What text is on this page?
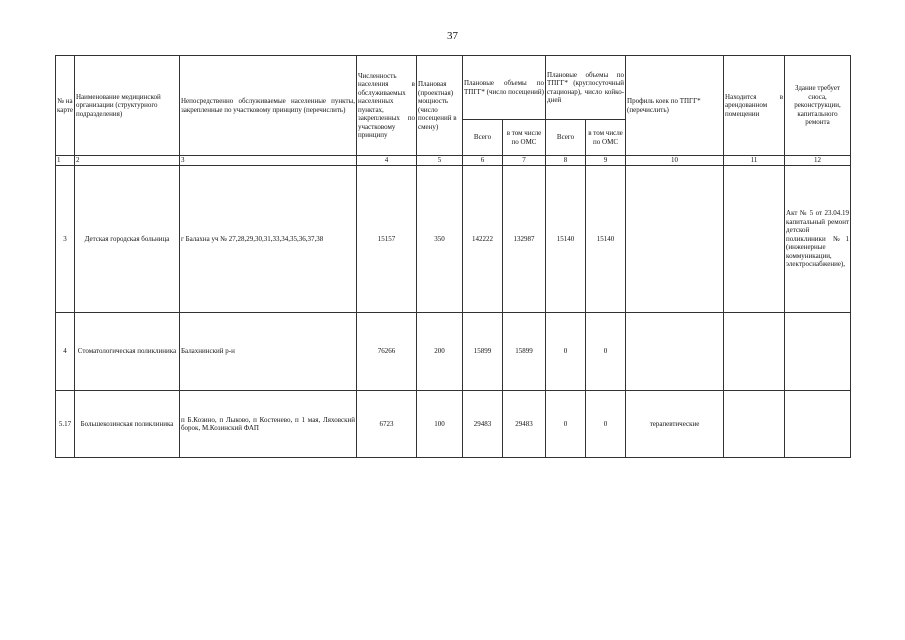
37
№ на карте	Наименование медицинской организации (структурного подразделения)	Непосредственно обслуживаемые населенные пункты, закрепленные по участковому принципу (перечислить)	Численность населения в обслуживаемых населенных пунктах, закрепленных по участковому принципу	Плановая (проектная) мощность (число посещений в смену)	Плановые объемы по ТПГГ* (число посещений)		Плановые объемы по ТПГГ* (круглосуточный стационар), число койко-дней		Профиль коек по ТПГГ* (перечислить)	Находится в арендованном помещении	Здание требует сноса, реконструкции, капитального ремонта
					Всего	в том числе по ОМС	Всего	в том числе по ОМС			
1	2	3	4	5	6	7	8	9	10	11	12
3	Детская городская больница	г Балахна уч № 27,28,29,30,31,33,34,35,36,37,38	15157	350	142222	132987	15140	15140			Акт № 5 от 23.04.19 капитальный ремонт детской поликлиники №1 (инженерные коммуникации, электроснабжение),
4	Стоматологическая поликлиника	Балахнинский р-н	76266	200	15899	15899	0	0			
5.17	Большекозинская поликлиника	п Б.Козино, п Лыково, п Костенево, п 1 мая, Ляховский борок, М.Козинский ФАП	6723	100	29483	29483	0	0	терапевтические		
